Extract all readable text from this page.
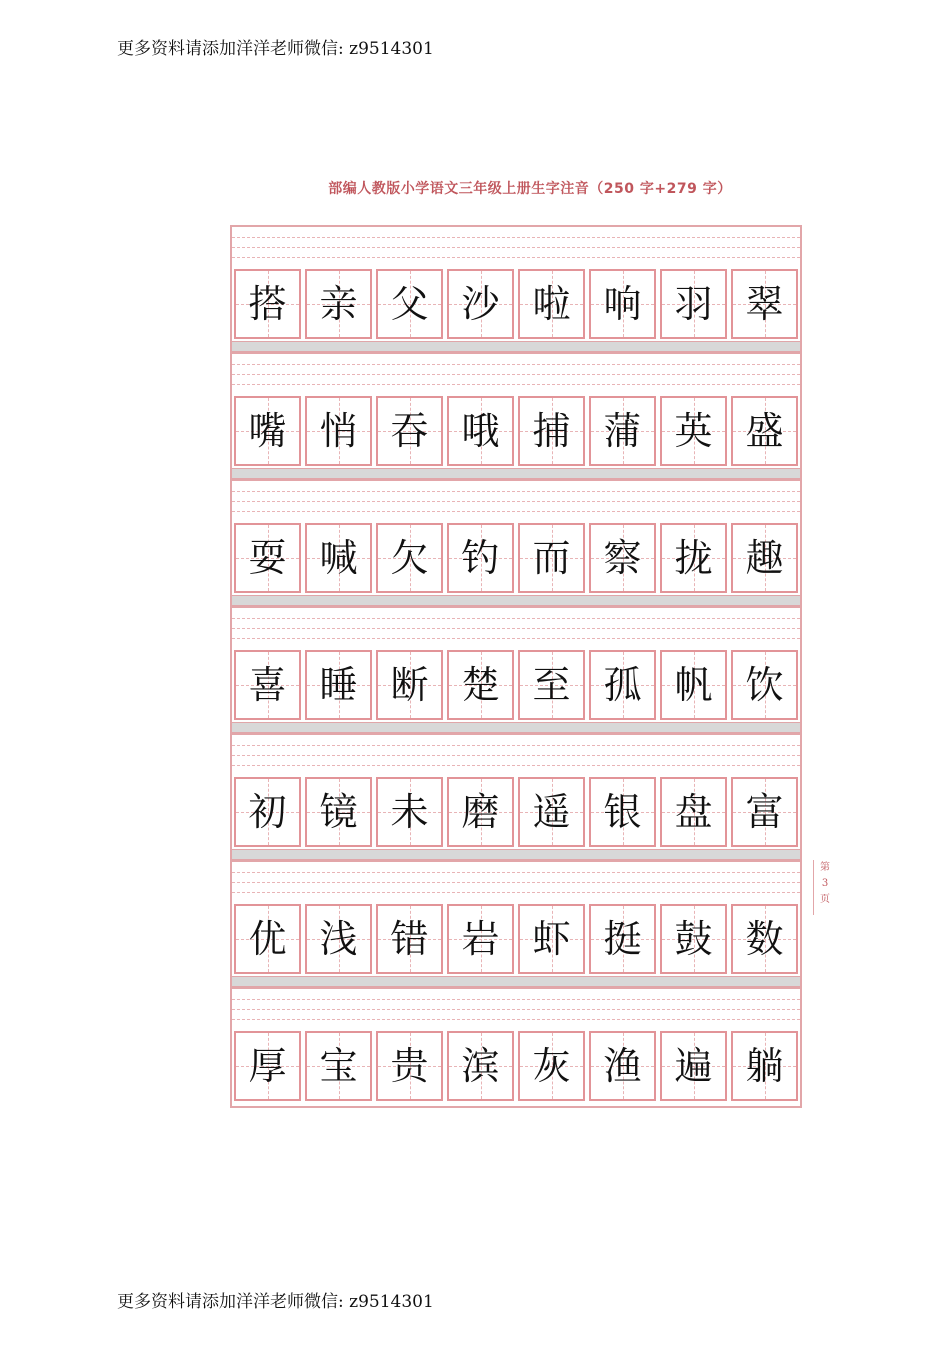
更多资料请添加洋洋老师微信: z9514301
部编人教版小学语文三年级上册生字注音（250 字+279 字）
搭 亲 父 沙 啦 响 羽 翠
嘴 悄 吞 哦 捕 蒲 英 盛
耍 喊 欠 钓 而 察 拢 趣
喜 睡 断 楚 至 孤 帆 饮
初 镜 未 磨 遥 银 盘 富
优 浅 错 岩 虾 挺 鼓 数
厚 宝 贵 滨 灰 渔 遍 躺
第
3
页
更多资料请添加洋洋老师微信: z9514301
